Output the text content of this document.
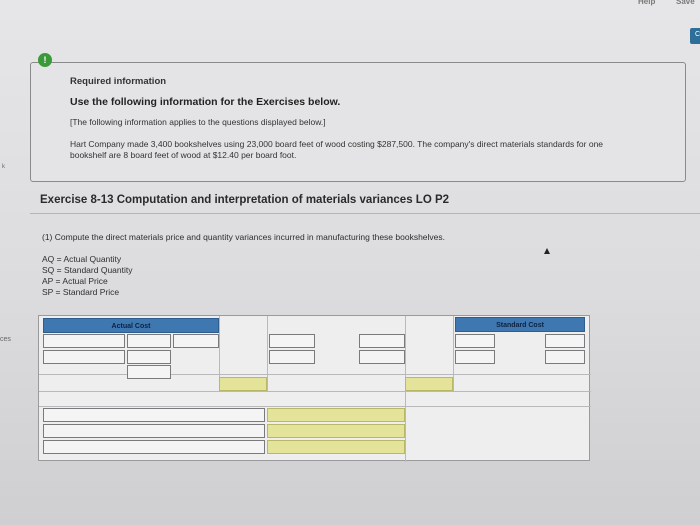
Help	Save
C
k
ces
!
Required information
Use the following information for the Exercises below.
[The following information applies to the questions displayed below.]
Hart Company made 3,400 bookshelves using 23,000 board feet of wood costing $287,500. The company's direct materials standards for one bookshelf are 8 board feet of wood at $12.40 per board foot.
Exercise 8-13 Computation and interpretation of materials variances LO P2
(1) Compute the direct materials price and quantity variances incurred in manufacturing these bookshelves.
AQ = Actual Quantity
SQ = Standard Quantity
AP = Actual Price
SP = Standard Price
Actual Cost	Standard Cost
